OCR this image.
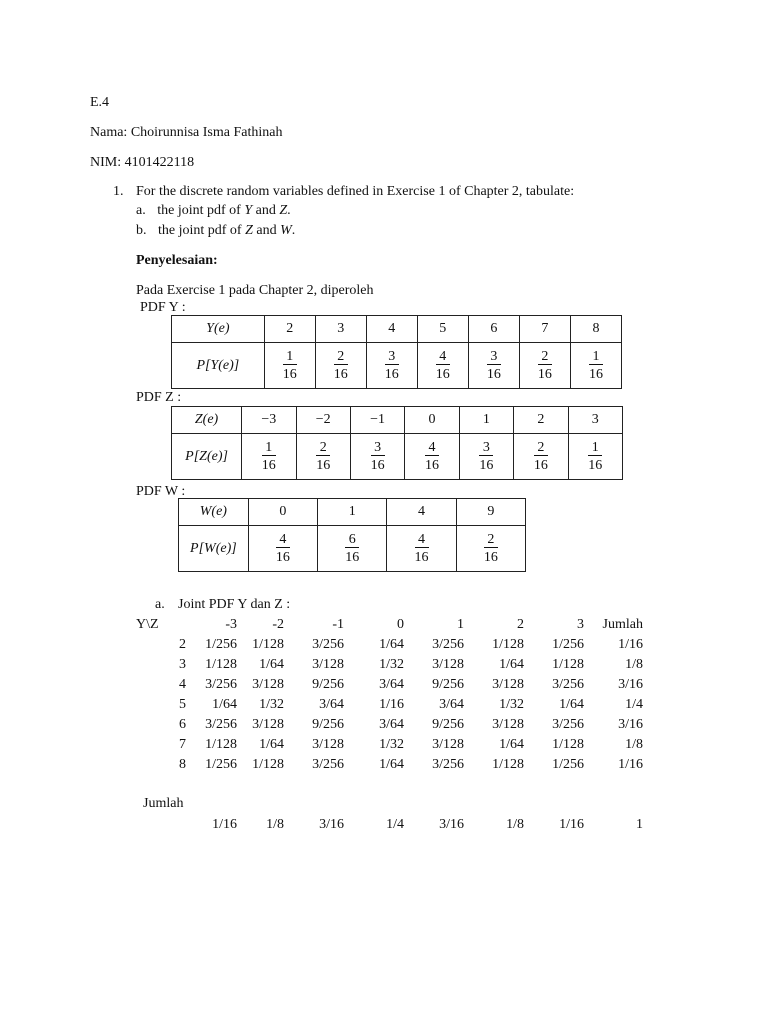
E.4
Nama: Choirunnisa Isma Fathinah
NIM: 4101422118
1. For the discrete random variables defined in Exercise 1 of Chapter 2, tabulate:
a. the joint pdf of Y and Z.
b. the joint pdf of Z and W.
Penyelesaian:
Pada Exercise 1 pada Chapter 2, diperoleh
PDF Y :
Y(e)	2	3	4	5	6	7	8
P[Y(e)]	$\frac{1}{16}$	$\frac{2}{16}$	$\frac{3}{16}$	$\frac{4}{16}$	$\frac{3}{16}$	$\frac{2}{16}$	$\frac{1}{16}$
PDF Z :
Z(e)	−3	−2	−1	0	1	2	3
P[Z(e)]	$\frac{1}{16}$	$\frac{2}{16}$	$\frac{3}{16}$	$\frac{4}{16}$	$\frac{3}{16}$	$\frac{2}{16}$	$\frac{1}{16}$
PDF W :
W(e)	0	1	4	9
P[W(e)]	$\frac{4}{16}$	$\frac{6}{16}$	$\frac{4}{16}$	$\frac{2}{16}$
a. Joint PDF Y dan Z :
Y\Z	-3	-2	-1	0	1	2	3	Jumlah
2	1/256	1/128	3/256	1/64	3/256	1/128	1/256	1/16
3	1/128	1/64	3/128	1/32	3/128	1/64	1/128	1/8
4	3/256	3/128	9/256	3/64	9/256	3/128	3/256	3/16
5	1/64	1/32	3/64	1/16	3/64	1/32	1/64	1/4
6	3/256	3/128	9/256	3/64	9/256	3/128	3/256	3/16
7	1/128	1/64	3/128	1/32	3/128	1/64	1/128	1/8
8	1/256	1/128	3/256	1/64	3/256	1/128	1/256	1/16
Jumlah
	1/16	1/8	3/16	1/4	3/16	1/8	1/16	1
